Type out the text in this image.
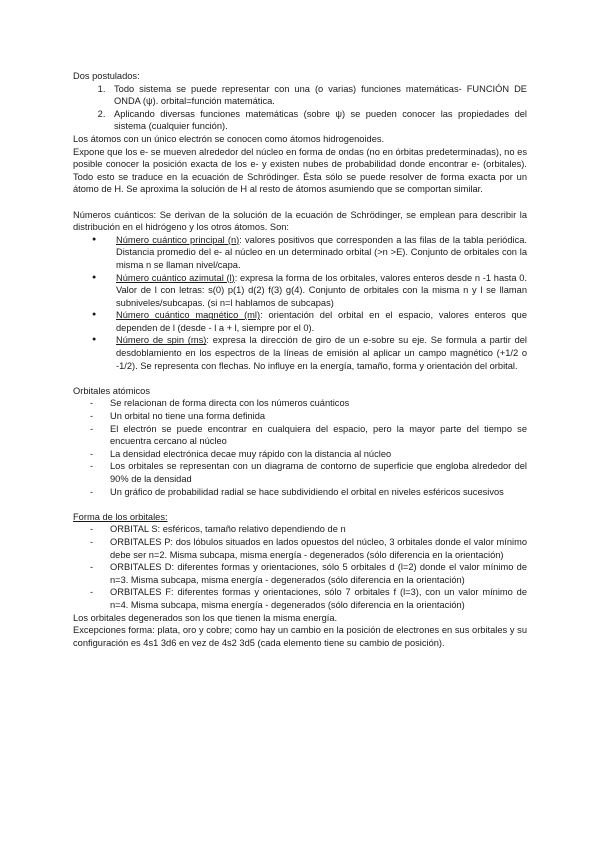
Dos postulados:

1. Todo sistema se puede representar con una (o varias) funciones matemáticas- FUNCIÓN DE ONDA (ψ). orbital=función matemática.
2. Aplicando diversas funciones matemáticas (sobre ψ) se pueden conocer las propiedades del sistema (cualquier función).

Los átomos con un único electrón se conocen como átomos hidrogenoides.

Expone que los e- se mueven alrededor del núcleo en forma de ondas (no en órbitas predeterminadas), no es posible conocer la posición exacta de los e- y existen nubes de probabilidad donde encontrar e- (orbitales). Todo esto se traduce en la ecuación de Schrödinger. Ésta sólo se puede resolver de forma exacta por un átomo de H. Se aproxima la solución de H al resto de átomos asumiendo que se comportan similar.

Números cuánticos: Se derivan de la solución de la ecuación de Schrödinger, se emplean para describir la distribución en el hidrógeno y los otros átomos. Son:

● Número cuántico principal (n): valores positivos que corresponden a las filas de la tabla periódica. Distancia promedio del e- al núcleo en un determinado orbital (>n >E). Conjunto de orbitales con la misma n se llaman nivel/capa.
● Número cuántico azimutal (l): expresa la forma de los orbitales, valores enteros desde n -1 hasta 0. Valor de l con letras: s(0) p(1) d(2) f(3) g(4). Conjunto de orbitales con la misma n y l se llaman subniveles/subcapas. (si n=l hablamos de subcapas)
● Número cuántico magnético (ml): orientación del orbital en el espacio, valores enteros que dependen de l (desde - l a + l, siempre por el 0).
● Número de spin (ms): expresa la dirección de giro de un e-sobre su eje. Se formula a partir del desdoblamiento en los espectros de la líneas de emisión al aplicar un campo magnético (+1/2 o -1/2). Se representa con flechas. No influye en la energía, tamaño, forma y orientación del orbital.

Orbitales atómicos

- Se relacionan de forma directa con los números cuánticos
- Un orbital no tiene una forma definida
- El electrón se puede encontrar en cualquiera del espacio, pero la mayor parte del tiempo se encuentra cercano al núcleo
- La densidad electrónica decae muy rápido con la distancia al núcleo
- Los orbitales se representan con un diagrama de contorno de superficie que engloba alrededor del 90% de la densidad
- Un gráfico de probabilidad radial se hace subdividiendo el orbital en niveles esféricos sucesivos

Forma de los orbitales:

- ORBITAL S: esféricos, tamaño relativo dependiendo de n
- ORBITALES P: dos lóbulos situados en lados opuestos del núcleo, 3 orbitales donde el valor mínimo debe ser n=2. Misma subcapa, misma energía - degenerados (sólo diferencia en la orientación)
- ORBITALES D: diferentes formas y orientaciones, sólo 5 orbitales d (l=2) donde el valor mínimo de n=3. Misma subcapa, misma energía - degenerados (sólo diferencia en la orientación)
- ORBITALES F: diferentes formas y orientaciones, sólo 7 orbitales f (l=3), con un valor mínimo de n=4. Misma subcapa, misma energía - degenerados (sólo diferencia en la orientación)

Los orbitales degenerados son los que tienen la misma energía.

Excepciones forma: plata, oro y cobre; como hay un cambio en la posición de electrones en sus orbitales y su configuración es 4s1 3d6 en vez de 4s2 3d5 (cada elemento tiene su cambio de posición).
